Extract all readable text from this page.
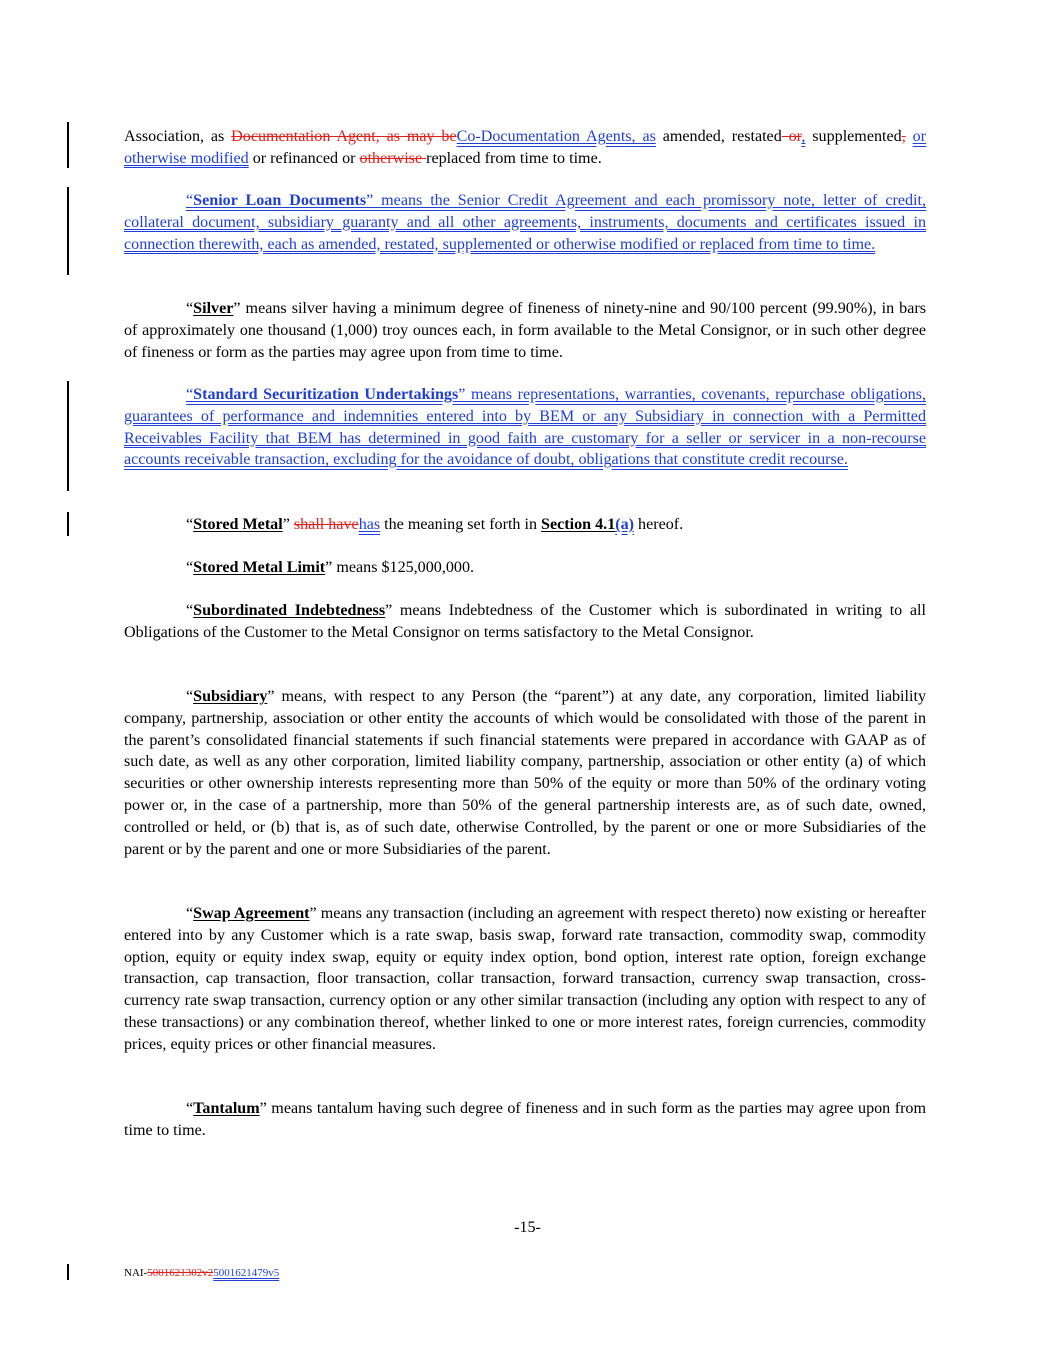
Association, as Documentation Agent, as may beCo-Documentation Agents, as amended, restated or, supplemented, or otherwise modified or refinanced or otherwise replaced from time to time.

“Senior Loan Documents” means the Senior Credit Agreement and each promissory note, letter of credit, collateral document, subsidiary guaranty and all other agreements, instruments, documents and certificates issued in connection therewith, each as amended, restated, supplemented or otherwise modified or replaced from time to time.

“Silver” means silver having a minimum degree of fineness of ninety-nine and 90/100 percent (99.90%), in bars of approximately one thousand (1,000) troy ounces each, in form available to the Metal Consignor, or in such other degree of fineness or form as the parties may agree upon from time to time.

“Standard Securitization Undertakings” means representations, warranties, covenants, repurchase obligations, guarantees of performance and indemnities entered into by BEM or any Subsidiary in connection with a Permitted Receivables Facility that BEM has determined in good faith are customary for a seller or servicer in a non-recourse accounts receivable transaction, excluding for the avoidance of doubt, obligations that constitute credit recourse.

“Stored Metal” shall havehas the meaning set forth in Section 4.1(a) hereof.

“Stored Metal Limit” means $125,000,000.

“Subordinated Indebtedness” means Indebtedness of the Customer which is subordinated in writing to all Obligations of the Customer to the Metal Consignor on terms satisfactory to the Metal Consignor.

“Subsidiary” means, with respect to any Person (the “parent”) at any date, any corporation, limited liability company, partnership, association or other entity the accounts of which would be consolidated with those of the parent in the parent’s consolidated financial statements if such financial statements were prepared in accordance with GAAP as of such date, as well as any other corporation, limited liability company, partnership, association or other entity (a) of which securities or other ownership interests representing more than 50% of the equity or more than 50% of the ordinary voting power or, in the case of a partnership, more than 50% of the general partnership interests are, as of such date, owned, controlled or held, or (b) that is, as of such date, otherwise Controlled, by the parent or one or more Subsidiaries of the parent or by the parent and one or more Subsidiaries of the parent.

“Swap Agreement” means any transaction (including an agreement with respect thereto) now existing or hereafter entered into by any Customer which is a rate swap, basis swap, forward rate transaction, commodity swap, commodity option, equity or equity index swap, equity or equity index option, bond option, interest rate option, foreign exchange transaction, cap transaction, floor transaction, collar transaction, forward transaction, currency swap transaction, cross-currency rate swap transaction, currency option or any other similar transaction (including any option with respect to any of these transactions) or any combination thereof, whether linked to one or more interest rates, foreign currencies, commodity prices, equity prices or other financial measures.

“Tantalum” means tantalum having such degree of fineness and in such form as the parties may agree upon from time to time.

-15-
NAI-5001621302v25001621479v5
